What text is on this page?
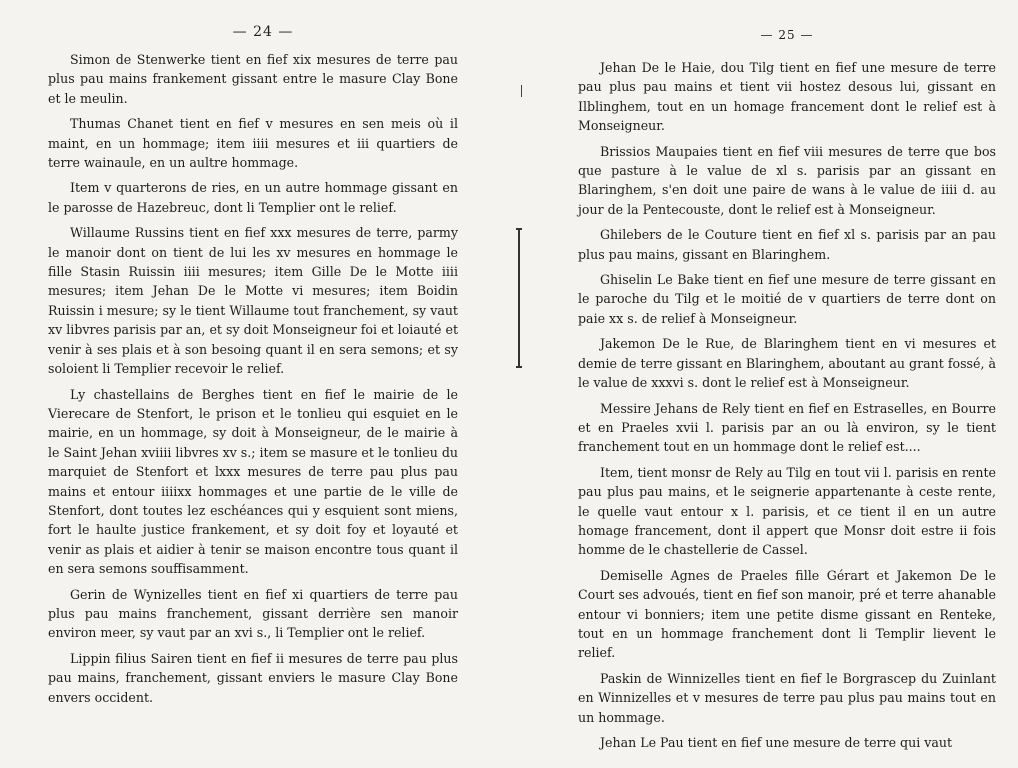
— 24 —

Simon de Stenwerke tient en fief xix mesures de terre pau plus pau mains frankement gissant entre le masure Clay Bone et le meulin.

Thumas Chanet tient en fief v mesures en sen meis où il maint, en un hommage; item iiii mesures et iii quartiers de terre wainaule, en un aultre hommage.

Item v quarterons de ries, en un autre hommage gissant en le parosse de Hazebreuc, dont li Templier ont le relief.

Willaume Russins tient en fief xxx mesures de terre, parmy le manoir dont on tient de lui les xv mesures en hommage le fille Stasin Ruissin iiii mesures; item Gille De le Motte iiii mesures; item Jehan De le Motte vi mesures; item Boidin Ruissin i mesure; sy le tient Willaume tout franchement, sy vaut xv libvres parisis par an, et sy doit Monseigneur foi et loiauté et venir à ses plais et à son besoing quant il en sera semons; et sy soloient li Templier recevoir le relief.

Ly chastellains de Berghes tient en fief le mairie de le Vierecare de Stenfort, le prison et le tonlieu qui esquiet en le mairie, en un hommage, sy doit à Monseigneur, de le mairie à le Saint Jehan xviiii libvres xv s.; item se masure et le tonlieu du marquiet de Stenfort et lxxx mesures de terre pau plus pau mains et entour iiiixx hommages et une partie de le ville de Stenfort, dont toutes lez eschéances qui y esquient sont miens, fort le haulte justice frankement, et sy doit foy et loyauté et venir as plais et aidier à tenir se maison encontre tous quant il en sera semons souffisamment.

Gerin de Wynizelles tient en fief xi quartiers de terre pau plus pau mains franchement, gissant derrière sen manoir environ meer, sy vaut par an xvi s., li Templier ont le relief.

Lippin filius Sairen tient en fief ii mesures de terre pau plus pau mains, franchement, gissant enviers le masure Clay Bone envers occident.

— 25 —

Jehan De le Haie, dou Tilg tient en fief une mesure de terre pau plus pau mains et tient vii hostez desous lui, gissant en Ilblinghem, tout en un homage francement dont le relief est à Monseigneur.

Brissios Maupaies tient en fief viii mesures de terre que bos que pasture à le value de xl s. parisis par an gissant en Blaringhem, s'en doit une paire de wans à le value de iiii d. au jour de la Pentecouste, dont le relief est à Monseigneur.

Ghilebers de le Couture tient en fief xl s. parisis par an pau plus pau mains, gissant en Blaringhem.

Ghiselin Le Bake tient en fief une mesure de terre gissant en le paroche du Tilg et le moitié de v quartiers de terre dont on paie xx s. de relief à Monseigneur.

Jakemon De le Rue, de Blaringhem tient en vi mesures et demie de terre gissant en Blaringhem, aboutant au grant fossé, à le value de xxxvi s. dont le relief est à Monseigneur.

Messire Jehans de Rely tient en fief en Estraselles, en Bourre et en Praeles xvii l. parisis par an ou là environ, sy le tient franchement tout en un hommage dont le relief est....

Item, tient monsr de Rely au Tilg en tout vii l. parisis en rente pau plus pau mains, et le seignerie appartenante à ceste rente, le quelle vaut entour x l. parisis, et ce tient il en un autre homage francement, dont il appert que Monsr doit estre ii fois homme de le chastellerie de Cassel.

Demiselle Agnes de Praeles fille Gérart et Jakemon De le Court ses advoués, tient en fief son manoir, pré et terre ahanable entour vi bonniers; item une petite disme gissant en Renteke, tout en un hommage franchement dont li Templir lievent le relief.

Paskin de Winnizelles tient en fief le Borgrascep du Zuinlant en Winnizelles et v mesures de terre pau plus pau mains tout en un hommage.

Jehan Le Pau tient en fief une mesure de terre qui vaut
